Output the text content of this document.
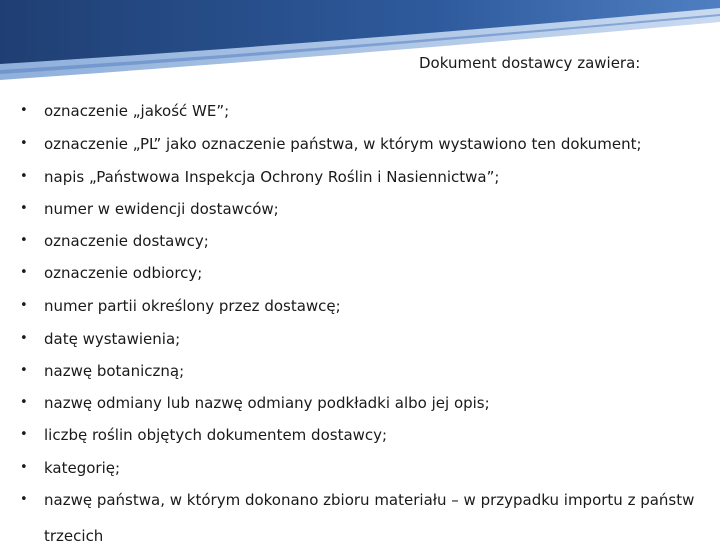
Dokument dostawcy zawiera:
•	oznaczenie „jakość WE”;
•	oznaczenie „PL” jako oznaczenie państwa, w którym wystawiono ten dokument;
•	napis „Państwowa Inspekcja Ochrony Roślin i Nasiennictwa”;
•	numer w ewidencji dostawców;
•	oznaczenie dostawcy;
•	oznaczenie odbiorcy;
•	numer partii określony przez dostawcę;
•	datę wystawienia;
•	nazwę botaniczną;
•	nazwę odmiany lub nazwę odmiany podkładki albo jej opis;
•	liczbę roślin objętych dokumentem dostawcy;
•	kategorię;
•	nazwę państwa, w którym dokonano zbioru materiału – w przypadku importu z państw
trzecich
